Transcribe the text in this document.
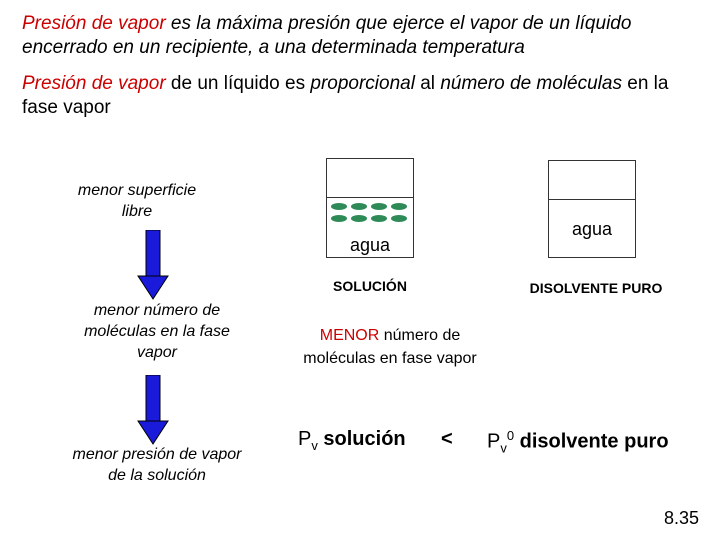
Presión de vapor es la máxima presión que ejerce el vapor de un líquido encerrado en un recipiente, a una determinada temperatura
Presión de vapor de un líquido es proporcional al número de moléculas en la fase vapor
menor superficie libre
menor número de moléculas en la fase vapor
menor presión de vapor de la solución
agua
SOLUCIÓN
agua
DISOLVENTE PURO
MENOR número de moléculas en fase vapor
$P_v$ solución < $P_v^0$ disolvente puro
8.35
